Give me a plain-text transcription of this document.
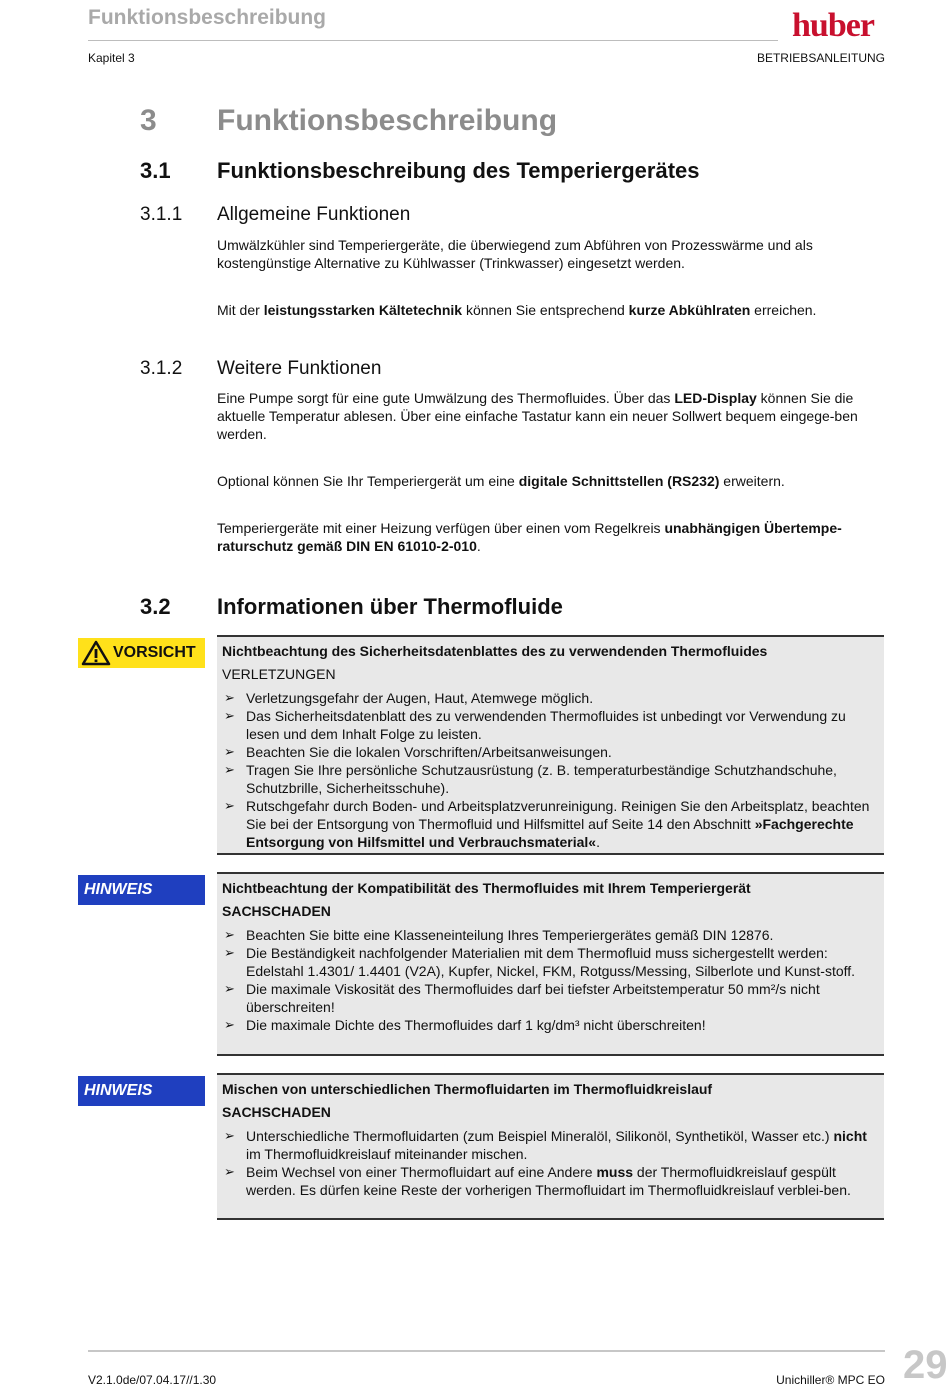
Funktionsbeschreibung	huber
Kapitel 3	BETRIEBSANLEITUNG
3 Funktionsbeschreibung
3.1 Funktionsbeschreibung des Temperiergerätes
3.1.1 Allgemeine Funktionen
Umwälzkühler sind Temperiergeräte, die überwiegend zum Abführen von Prozesswärme und als kostengünstige Alternative zu Kühlwasser (Trinkwasser) eingesetzt werden.
Mit der leistungsstarken Kältetechnik können Sie entsprechend kurze Abkühlraten erreichen.
3.1.2 Weitere Funktionen
Eine Pumpe sorgt für eine gute Umwälzung des Thermofluides. Über das LED-Display können Sie die aktuelle Temperatur ablesen. Über eine einfache Tastatur kann ein neuer Sollwert bequem eingege-ben werden.
Optional können Sie Ihr Temperiergerät um eine digitale Schnittstellen (RS232) erweitern.
Temperiergeräte mit einer Heizung verfügen über einen vom Regelkreis unabhängigen Übertempe-raturschutz gemäß DIN EN 61010-2-010.
3.2 Informationen über Thermofluide
VORSICHT	Nichtbeachtung des Sicherheitsdatenblattes des zu verwendenden Thermofluides
VERLETZUNGEN
➢ Verletzungsgefahr der Augen, Haut, Atemwege möglich.
➢ Das Sicherheitsdatenblatt des zu verwendenden Thermofluides ist unbedingt vor Verwendung zu lesen und dem Inhalt Folge zu leisten.
➢ Beachten Sie die lokalen Vorschriften/Arbeitsanweisungen.
➢ Tragen Sie Ihre persönliche Schutzausrüstung (z. B. temperaturbeständige Schutzhandschuhe, Schutzbrille, Sicherheitsschuhe).
➢ Rutschgefahr durch Boden- und Arbeitsplatzverunreinigung. Reinigen Sie den Arbeitsplatz, beachten Sie bei der Entsorgung von Thermofluid und Hilfsmittel auf Seite 14 den Abschnitt »Fachgerechte Entsorgung von Hilfsmittel und Verbrauchsmaterial«.
HINWEIS	Nichtbeachtung der Kompatibilität des Thermofluides mit Ihrem Temperiergerät
SACHSCHADEN
➢ Beachten Sie bitte eine Klasseneinteilung Ihres Temperiergerätes gemäß DIN 12876.
➢ Die Beständigkeit nachfolgender Materialien mit dem Thermofluid muss sichergestellt werden: Edelstahl 1.4301/ 1.4401 (V2A), Kupfer, Nickel, FKM, Rotguss/Messing, Silberlote und Kunst-stoff.
➢ Die maximale Viskosität des Thermofluides darf bei tiefster Arbeitstemperatur 50 mm²/s nicht überschreiten!
➢ Die maximale Dichte des Thermofluides darf 1 kg/dm³ nicht überschreiten!
HINWEIS	Mischen von unterschiedlichen Thermofluidarten im Thermofluidkreislauf
SACHSCHADEN
➢ Unterschiedliche Thermofluidarten (zum Beispiel Mineralöl, Silikonöl, Synthetiköl, Wasser etc.) nicht im Thermofluidkreislauf miteinander mischen.
➢ Beim Wechsel von einer Thermofluidart auf eine Andere muss der Thermofluidkreislauf gespült werden. Es dürfen keine Reste der vorherigen Thermofluidart im Thermofluidkreislauf verblei-ben.
V2.1.0de/07.04.17//1.30	Unichiller® MPC EO 29
